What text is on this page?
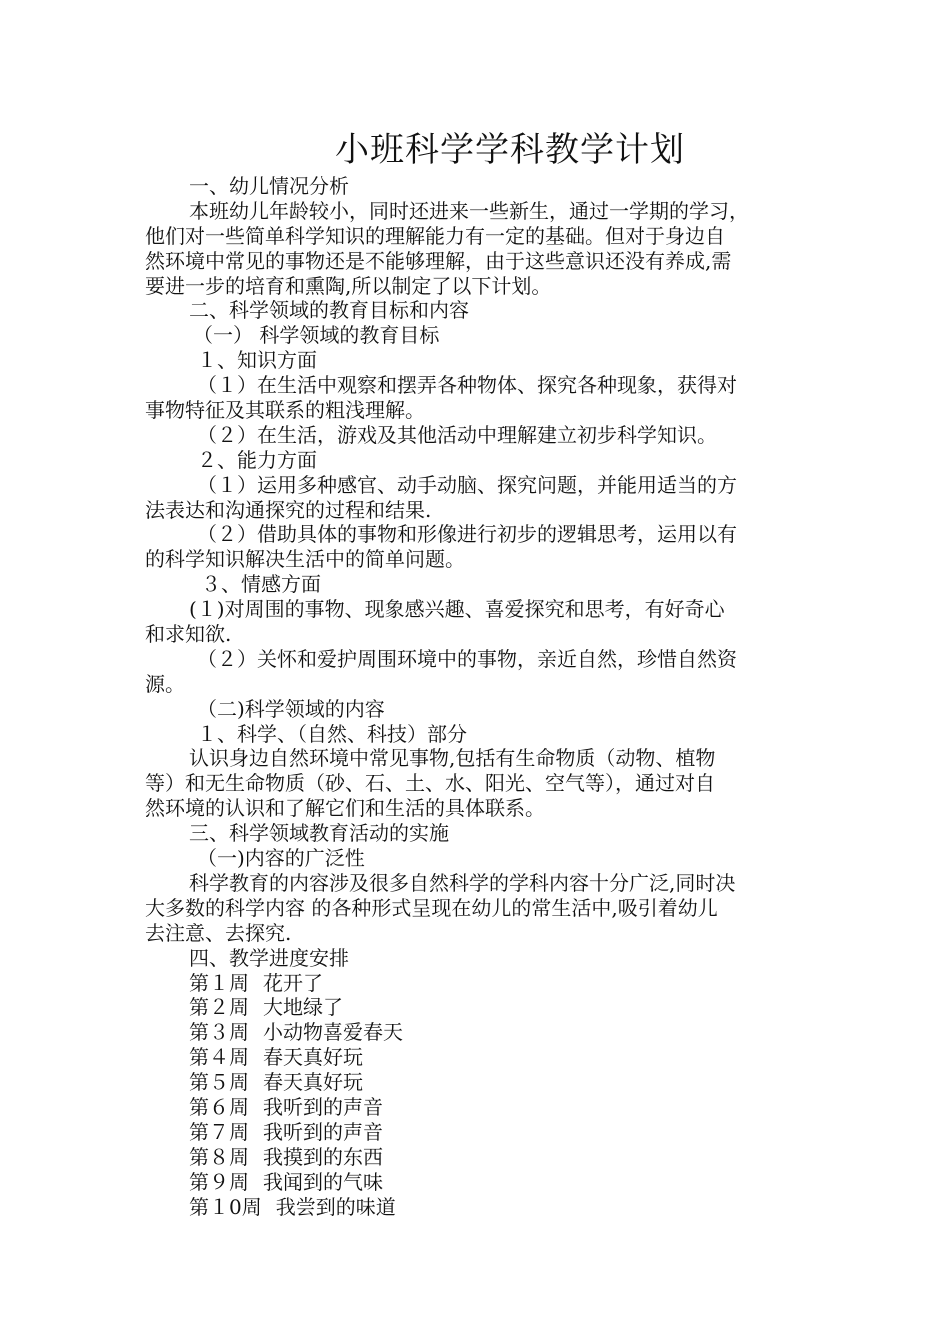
小班科学学科教学计划
一、幼儿情况分析
本班幼儿年龄较小，同时还进来一些新生，通过一学期的学习，
他们对一些简单科学知识的理解能力有一定的基础。但对于身边自
然环境中常见的事物还是不能够理解，由于这些意识还没有养成,需
要进一步的培育和熏陶,所以制定了以下计划。
二、科学领域的教育目标和内容
（一） 科学领域的教育目标
１、知识方面
（１）在生活中观察和摆弄各种物体、探究各种现象，获得对
事物特征及其联系的粗浅理解。
（２）在生活，游戏及其他活动中理解建立初步科学知识。
２、能力方面
（１）运用多种感官、动手动脑、探究问题，并能用适当的方
法表达和沟通探究的过程和结果.
（２）借助具体的事物和形像进行初步的逻辑思考，运用以有
的科学知识解决生活中的简单问题。
３、情感方面
(１)对周围的事物、现象感兴趣、喜爱探究和思考，有好奇心
和求知欲.
（２）关怀和爱护周围环境中的事物，亲近自然，珍惜自然资
源。
（二)科学领域的内容
１、科学、（自然、科技）部分
认识身边自然环境中常见事物,包括有生命物质（动物、植物
等）和无生命物质（砂、石、土、水、阳光、空气等），通过对自
然环境的认识和了解它们和生活的具体联系。
三、科学领域教育活动的实施
（一)内容的广泛性
科学教育的内容涉及很多自然科学的学科内容十分广泛,同时决
大多数的科学内容 的各种形式呈现在幼儿的常生活中,吸引着幼儿
去注意、去探究.
四、教学进度安排
第１周 花开了
第２周 大地绿了
第３周 小动物喜爱春天
第４周 春天真好玩
第５周 春天真好玩
第６周 我听到的声音
第７周 我听到的声音
第８周 我摸到的东西
第９周 我闻到的气味
第１0周 我尝到的味道
